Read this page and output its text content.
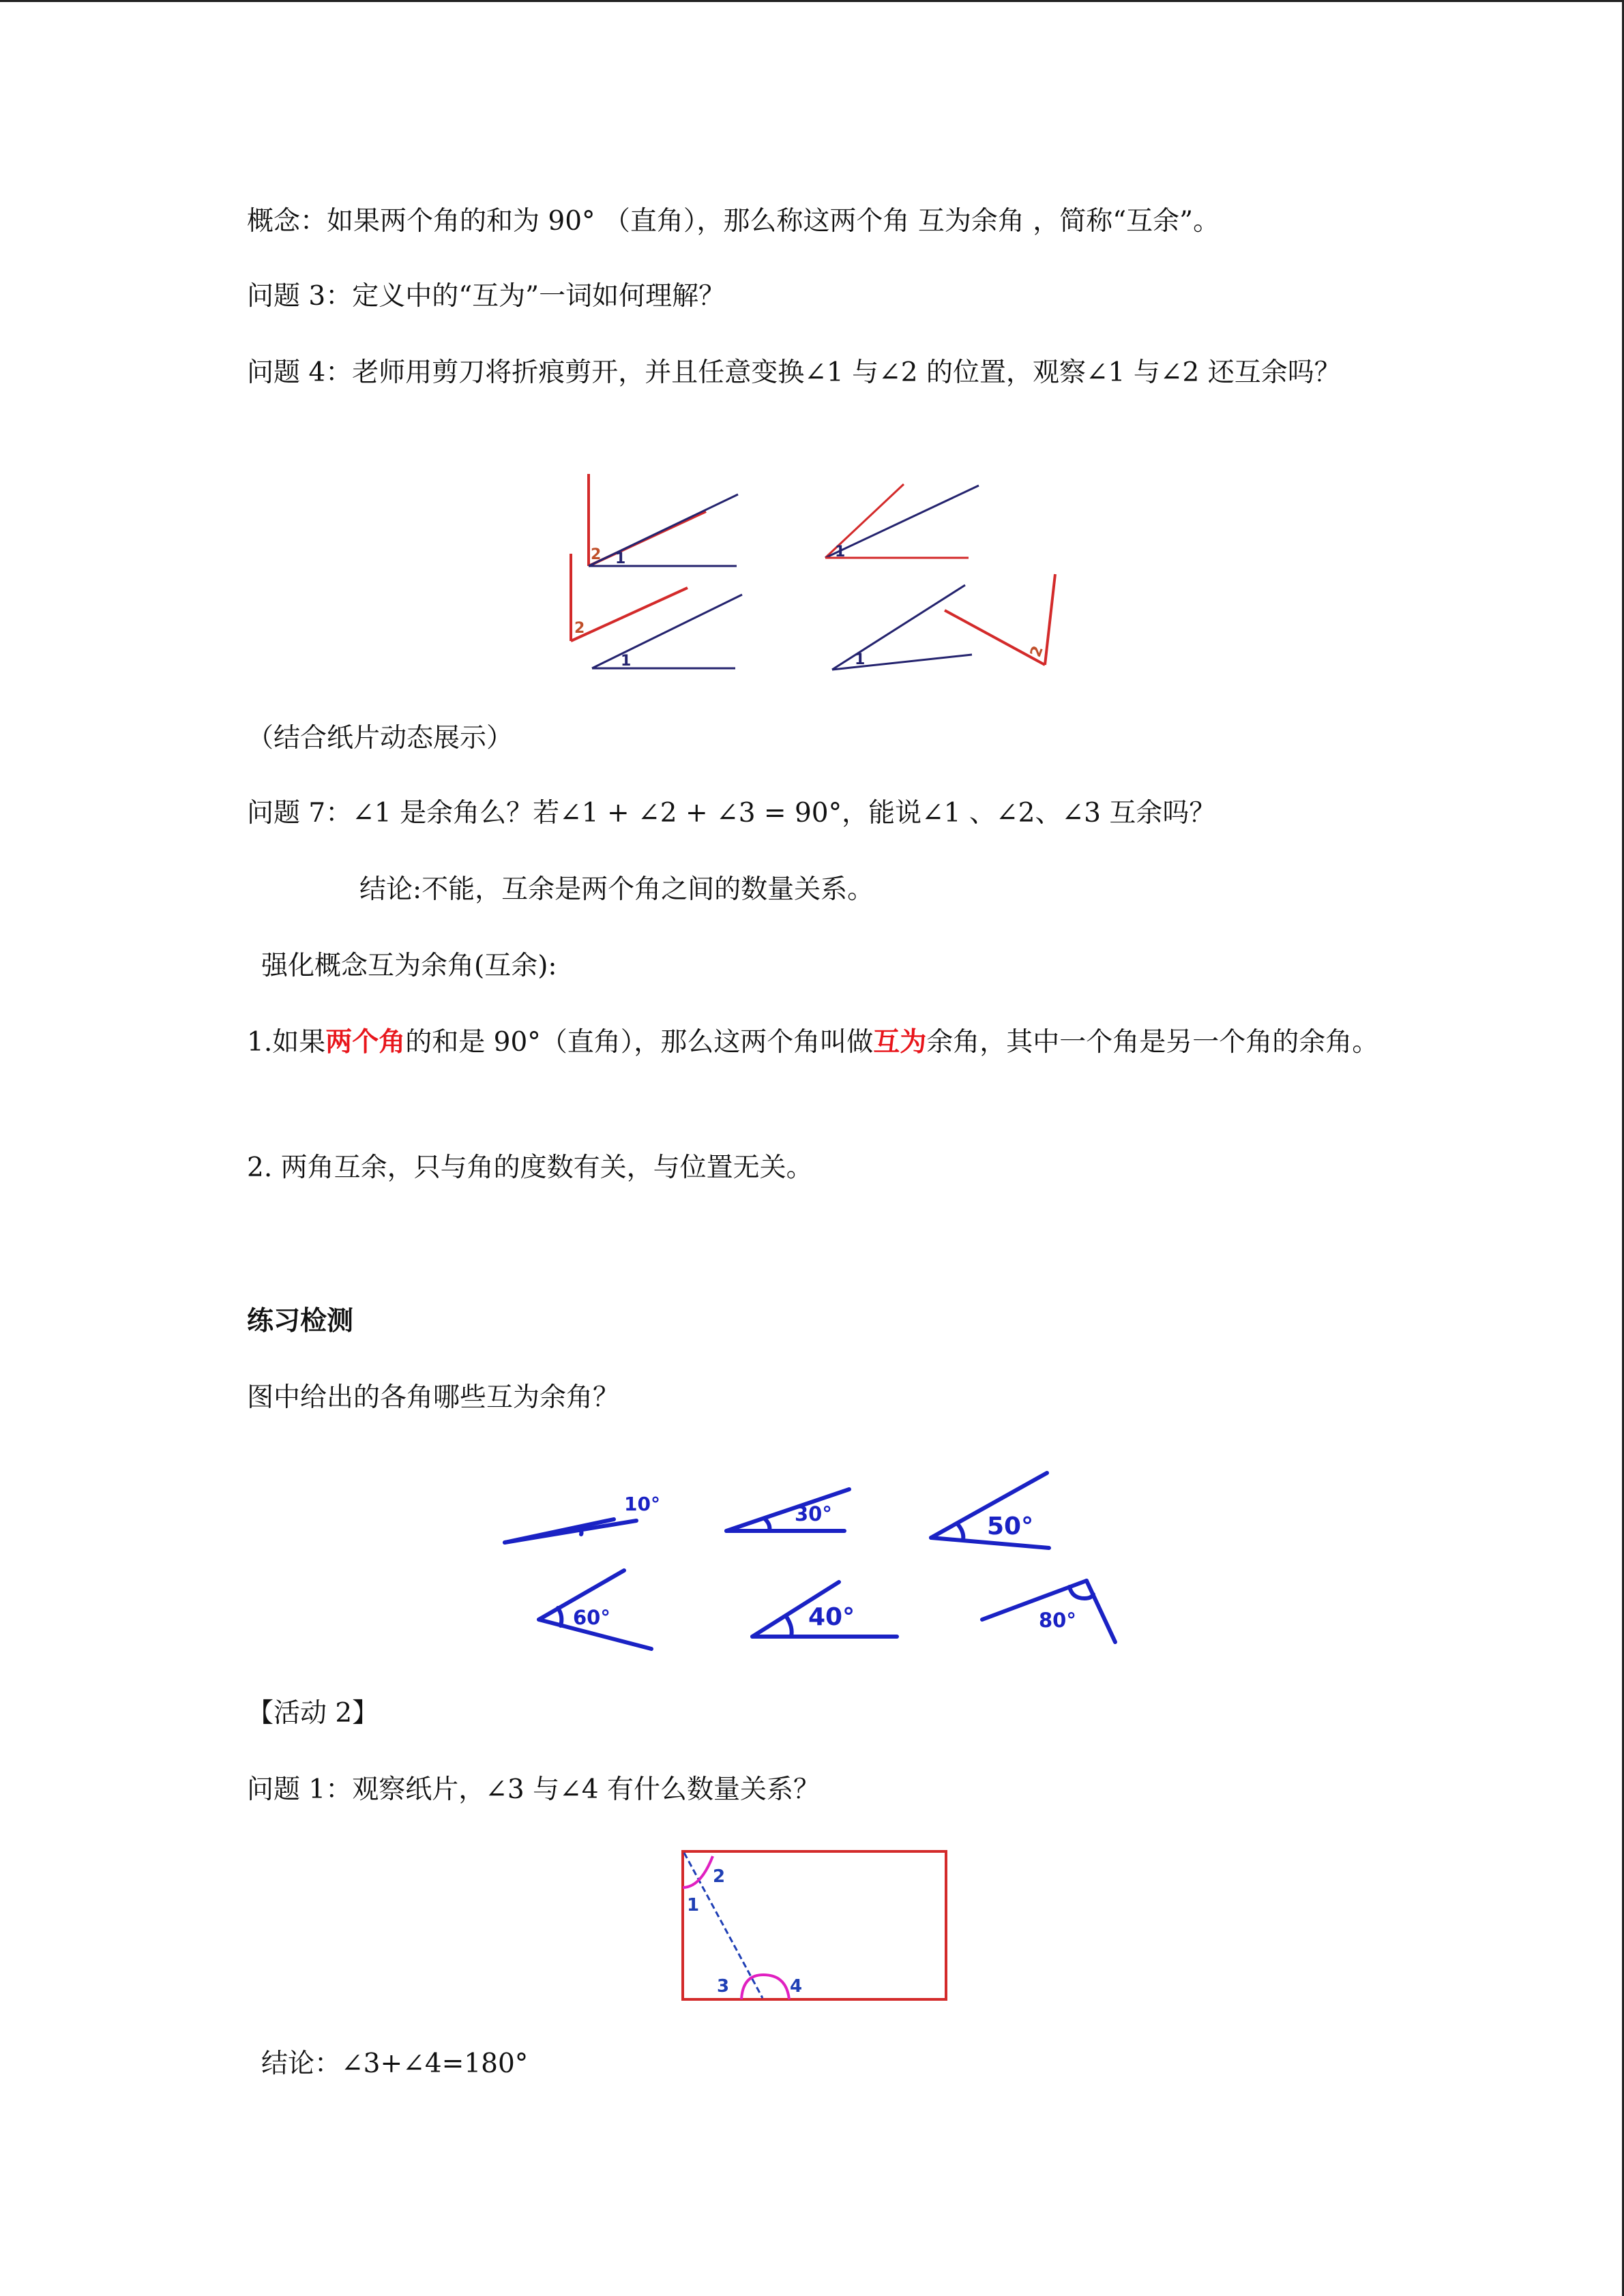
概念：如果两个角的和为 90° （直角），那么称这两个角 互为余角 ，简称“互余”。
问题 3：定义中的“互为”一词如何理解？
问题 4：老师用剪刀将折痕剪开，并且任意变换∠1 与∠2 的位置，观察∠1 与∠2 还互余吗？
2 1	1
2
1	1	2
（结合纸片动态展示）
问题 7：∠1 是余角么？若∠1 + ∠2 + ∠3 = 90°，能说∠1 、∠2、∠3 互余吗？
结论:不能，互余是两个角之间的数量关系。
强化概念互为余角(互余):
1.如果两个角的和是 90°（直角），那么这两个角叫做互为余角，其中一个角是另一个角的余角。
2. 两角互余，只与角的度数有关，与位置无关。
练习检测
图中给出的各角哪些互为余角？
10°	30°	50°
60°	40°	80°
【活动 2】
问题 1：观察纸片，∠3 与∠4 有什么数量关系？
2
1
3	4
结论：∠3+∠4=180°
